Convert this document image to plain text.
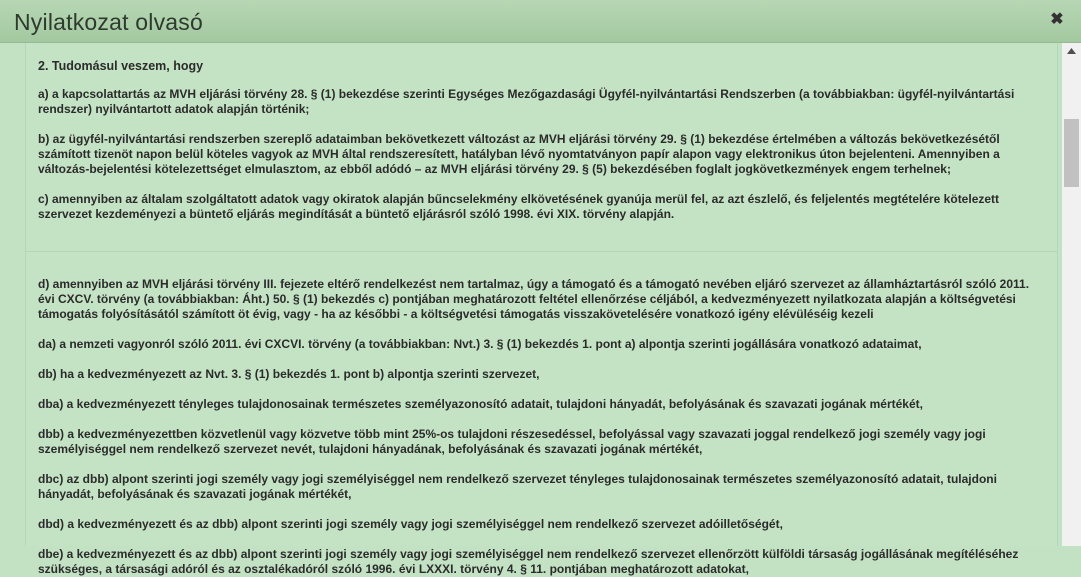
Nyilatkozat olvasó	✖
2. Tudomásul veszem, hogy

a) a kapcsolattartás az MVH eljárási törvény 28. § (1) bekezdése szerinti Egységes Mezőgazdasági Ügyfél-nyilvántartási Rendszerben (a továbbiakban: ügyfél-nyilvántartási rendszer) nyilvántartott adatok alapján történik;

b) az ügyfél-nyilvántartási rendszerben szereplő adataimban bekövetkezett változást az MVH eljárási törvény 29. § (1) bekezdése értelmében a változás bekövetkezésétől számított tizenöt napon belül köteles vagyok az MVH által rendszeresített, hatályban lévő nyomtatványon papír alapon vagy elektronikus úton bejelenteni. Amennyiben a változás-bejelentési kötelezettséget elmulasztom, az ebből adódó – az MVH eljárási törvény 29. § (5) bekezdésében foglalt jogkövetkezmények engem terhelnek;

c) amennyiben az általam szolgáltatott adatok vagy okiratok alapján bűncselekmény elkövetésének gyanúja merül fel, az azt észlelő, és feljelentés megtételére kötelezett szervezet kezdeményezi a büntető eljárás megindítását a büntető eljárásról szóló 1998. évi XIX. törvény alapján.

d) amennyiben az MVH eljárási törvény III. fejezete eltérő rendelkezést nem tartalmaz, úgy a támogató és a támogató nevében eljáró szervezet az államháztartásról szóló 2011. évi CXCV. törvény (a továbbiakban: Áht.) 50. § (1) bekezdés c) pontjában meghatározott feltétel ellenőrzése céljából, a kedvezményezett nyilatkozata alapján a költségvetési támogatás folyósításától számított öt évig, vagy - ha az későbbi - a költségvetési támogatás visszakövetelésére vonatkozó igény elévüléséig kezeli

da) a nemzeti vagyonról szóló 2011. évi CXCVI. törvény (a továbbiakban: Nvt.) 3. § (1) bekezdés 1. pont a) alpontja szerinti jogállására vonatkozó adataimat,

db) ha a kedvezményezett az Nvt. 3. § (1) bekezdés 1. pont b) alpontja szerinti szervezet,

dba) a kedvezményezett tényleges tulajdonosainak természetes személyazonosító adatait, tulajdoni hányadát, befolyásának és szavazati jogának mértékét,

dbb) a kedvezményezettben közvetlenül vagy közvetve több mint 25%-os tulajdoni részesedéssel, befolyással vagy szavazati joggal rendelkező jogi személy vagy jogi személyiséggel nem rendelkező szervezet nevét, tulajdoni hányadának, befolyásának és szavazati jogának mértékét,

dbc) az dbb) alpont szerinti jogi személy vagy jogi személyiséggel nem rendelkező szervezet tényleges tulajdonosainak természetes személyazonosító adatait, tulajdoni hányadát, befolyásának és szavazati jogának mértékét,

dbd) a kedvezményezett és az dbb) alpont szerinti jogi személy vagy jogi személyiséggel nem rendelkező szervezet adóilletőségét,

dbe) a kedvezményezett és az dbb) alpont szerinti jogi személy vagy jogi személyiséggel nem rendelkező szervezet ellenőrzött külföldi társaság jogállásának megítéléséhez szükséges, a társasági adóról és az osztalékadóról szóló 1996. évi LXXXI. törvény 4. § 11. pontjában meghatározott adatokat,
